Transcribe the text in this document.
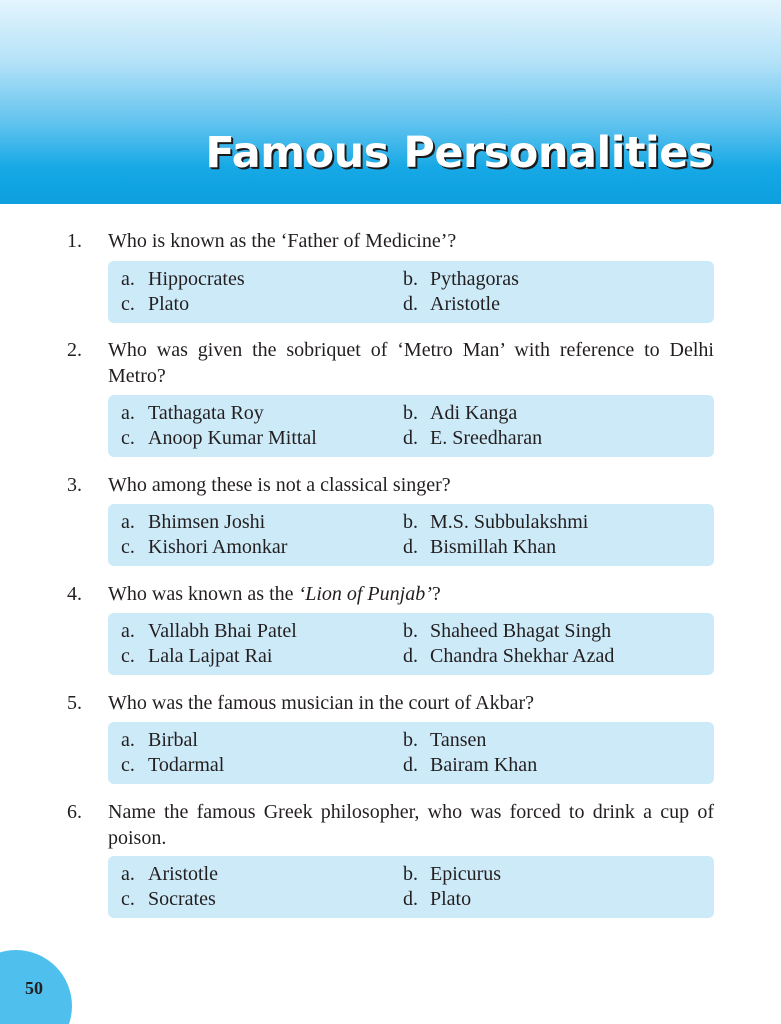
Famous Personalities
1. Who is known as the ‘Father of Medicine’?

a. Hippocrates	b. Pythagoras
c. Plato	d. Aristotle
2. Who was given the sobriquet of ‘Metro Man’ with reference to Delhi Metro?

a. Tathagata Roy	b. Adi Kanga
c. Anoop Kumar Mittal	d. E. Sreedharan
3. Who among these is not a classical singer?

a. Bhimsen Joshi	b. M.S. Subbulakshmi
c. Kishori Amonkar	d. Bismillah Khan
4. Who was known as the ‘Lion of Punjab’?

a. Vallabh Bhai Patel	b. Shaheed Bhagat Singh
c. Lala Lajpat Rai	d. Chandra Shekhar Azad
5. Who was the famous musician in the court of Akbar?

a. Birbal	b. Tansen
c. Todarmal	d. Bairam Khan
6. Name the famous Greek philosopher, who was forced to drink a cup of poison.

a. Aristotle	b. Epicurus
c. Socrates	d. Plato
50
